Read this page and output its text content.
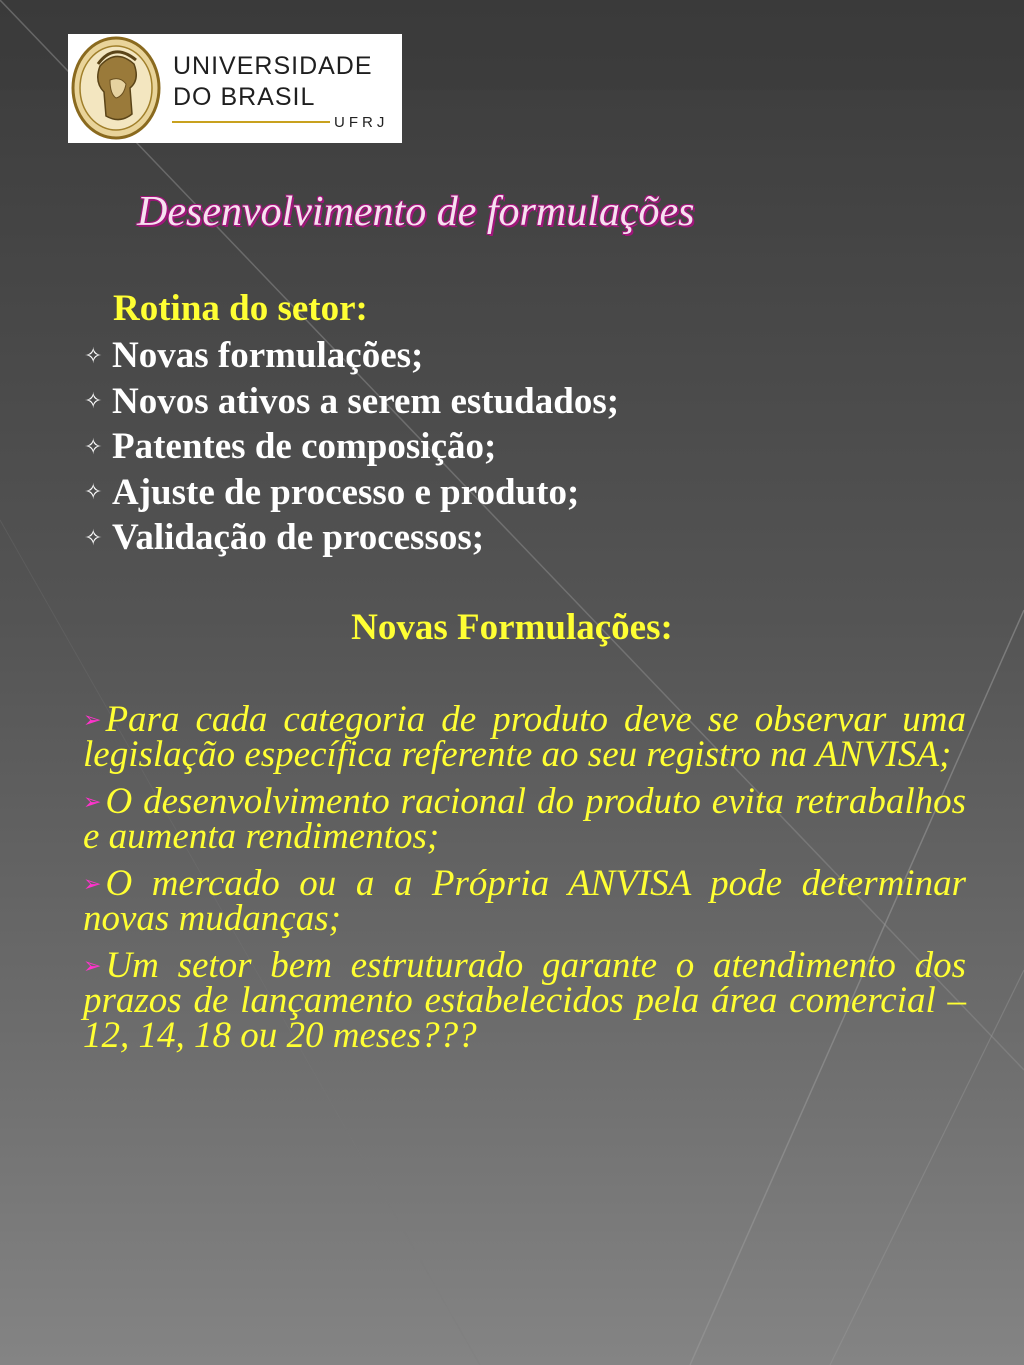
UNIVERSIDADE
DO BRASIL
UFRJ
Desenvolvimento de formulações
Rotina do setor:
✧ Novas formulações;
✧ Novos ativos a serem estudados;
✧ Patentes de composição;
✧ Ajuste de processo e produto;
✧ Validação de processos;
Novas Formulações:

➢ Para cada categoria de produto deve se observar uma legislação específica referente ao seu registro na ANVISA;

➢ O desenvolvimento racional do produto evita retrabalhos e aumenta rendimentos;

➢ O mercado ou a a Própria ANVISA pode determinar novas mudanças;

➢ Um setor bem estruturado garante o atendimento dos prazos de lançamento estabelecidos pela área comercial – 12, 14, 18 ou 20 meses???
